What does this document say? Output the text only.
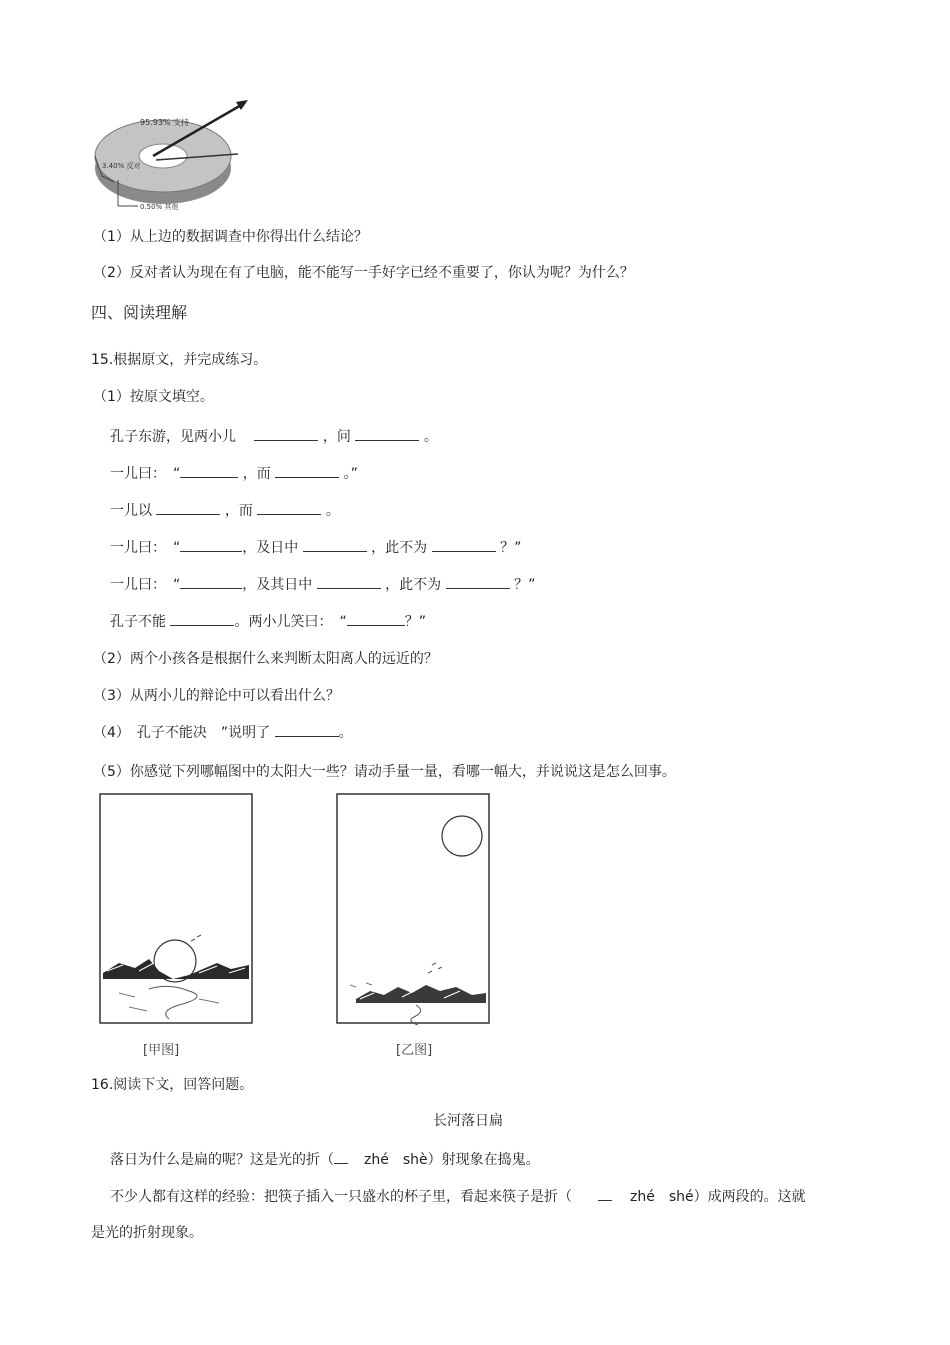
95.93% 支持
3.40% 反对
0.50% 其他
（1）从上边的数据调查中你得出什么结论？
（2）反对者认为现在有了电脑，能不能写一手好字已经不重要了，你认为呢？为什么？
四、阅读理解
15.根据原文，并完成练习。
（1）按原文填空。
孔子东游，见两小儿	，问	。
一儿曰：　“	，而	。”
一儿以	，而	。
一儿曰：　“	，及日中	，此不为	？”
一儿曰：　“	，及其日中	，此不为	？”
孔子不能	。两小儿笑曰：　“	？”
（2）两个小孩各是根据什么来判断太阳离人的远近的？
（3）从两小儿的辩论中可以看出什么？
（4）　孔子不能决　”说明了	。
（5）你感觉下列哪幅图中的太阳大一些？请动手量一量，看哪一幅大，并说说这是怎么回事。
[甲图]	[乙图]
16.阅读下文，回答问题。
长河落日扁
落日为什么是扁的呢？这是光的折（ zhé　shè）射现象在捣鬼。
不少人都有这样的经验：把筷子插入一只盛水的杯子里，看起来筷子是折（	zhé　shé）成两段的。这就
是光的折射现象。
